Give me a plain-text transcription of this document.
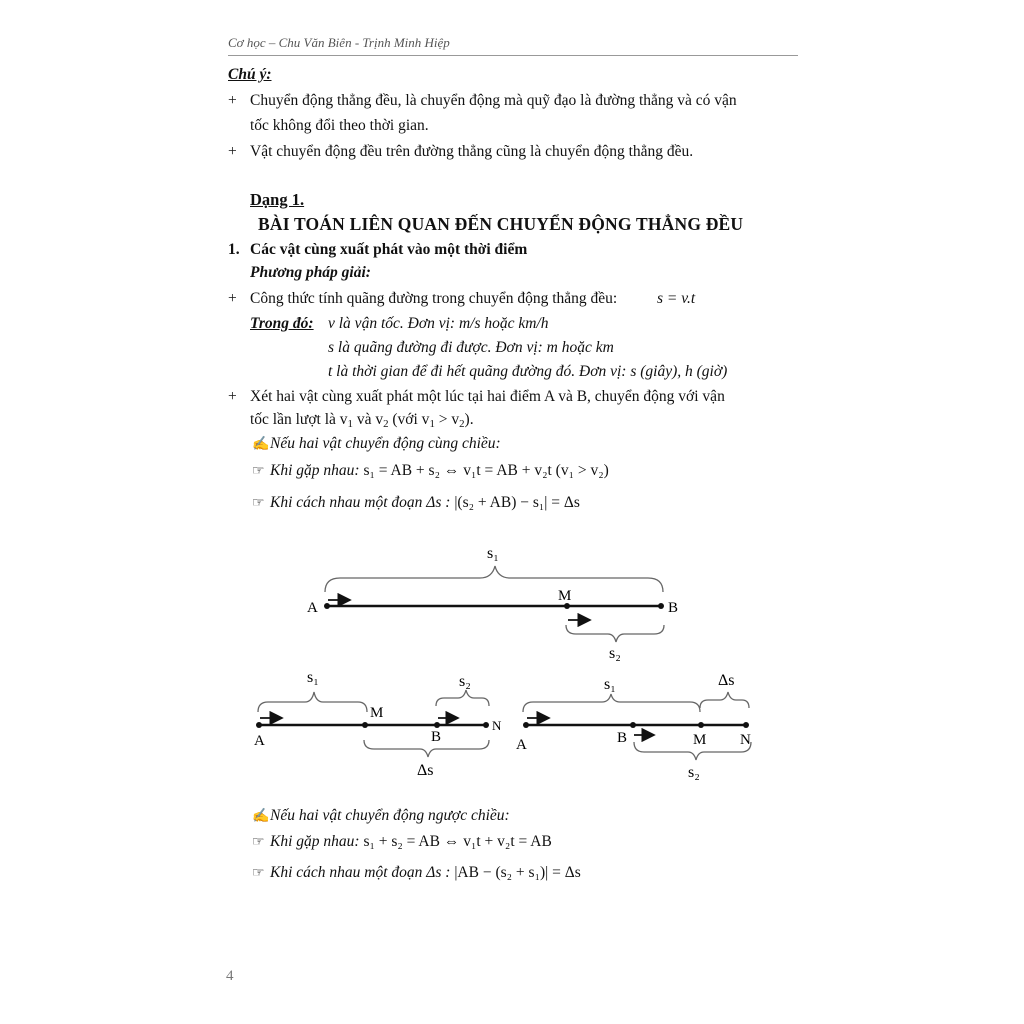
Cơ học – Chu Văn Biên - Trịnh Minh Hiệp
Chú ý:
+ Chuyển động thẳng đều, là chuyển động mà quỹ đạo là đường thẳng và có vận
tốc không đổi theo thời gian.
+ Vật chuyển động đều trên đường thẳng cũng là chuyển động thẳng đều.
Dạng 1.
BÀI TOÁN LIÊN QUAN ĐẾN CHUYỂN ĐỘNG THẲNG ĐỀU
1. Các vật cùng xuất phát vào một thời điểm
Phương pháp giải:
+ Công thức tính quãng đường trong chuyển động thẳng đều:	s = v.t
Trong đó: v là vận tốc. Đơn vị: m/s hoặc km/h
s là quãng đường đi được. Đơn vị: m hoặc km
t là thời gian để đi hết quãng đường đó. Đơn vị: s (giây), h (giờ)
+ Xét hai vật cùng xuất phát một lúc tại hai điểm A và B, chuyển động với vận
tốc lần lượt là $v_1$ và $v_2$ (với $v_1 > v_2$).
✍Nếu hai vật chuyển động cùng chiều:
☞ Khi gặp nhau: s₁ = AB + s₂ ⇔ v₁t = AB + v₂t (v₁ > v₂)
☞ Khi cách nhau một đoạn Δs : |(s₂ + AB) − s₁| = Δs
s₁
A
M
B
s₂
s₁	s₂
A
M
B
N
Δs
s₁	Δs
A	B	M N
s₂
✍Nếu hai vật chuyển động ngược chiều:
☞ Khi gặp nhau: s₁ + s₂ = AB ⇔ v₁t + v₂t = AB
☞ Khi cách nhau một đoạn Δs : |AB − (s₂ + s₁)| = Δs
4
